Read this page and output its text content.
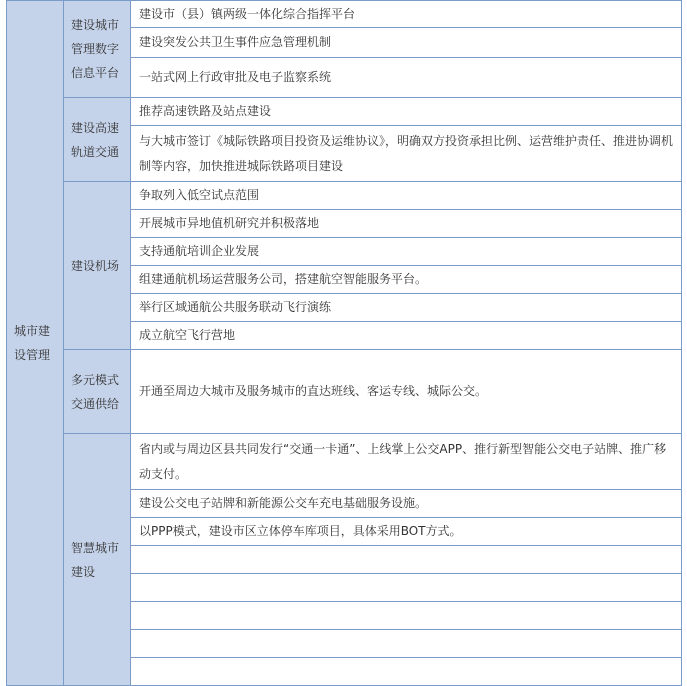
城市建设管理	建设城市管理数字信息平台	建设市（县）镇两级一体化综合指挥平台
		建设突发公共卫生事件应急管理机制
		一站式网上行政审批及电子监察系统
	建设高速轨道交通	推荐高速铁路及站点建设
		与大城市签订《城际铁路项目投资及运维协议》，明确双方投资承担比例、运营维护责任、推进协调机制等内容，加快推进城际铁路项目建设
	建设机场	争取列入低空试点范围
		开展城市异地值机研究并积极落地
		支持通航培训企业发展
		组建通航机场运营服务公司，搭建航空智能服务平台。
		举行区域通航公共服务联动飞行演练
		成立航空飞行营地
	多元模式交通供给	开通至周边大城市及服务城市的直达班线、客运专线、城际公交。
	智慧城市建设	省内或与周边区县共同发行“交通一卡通”、上线掌上公交APP、推行新型智能公交电子站牌、推广移动支付。
		建设公交电子站牌和新能源公交车充电基础服务设施。
		以PPP模式，建设市区立体停车库项目，具体采用BOT方式。
